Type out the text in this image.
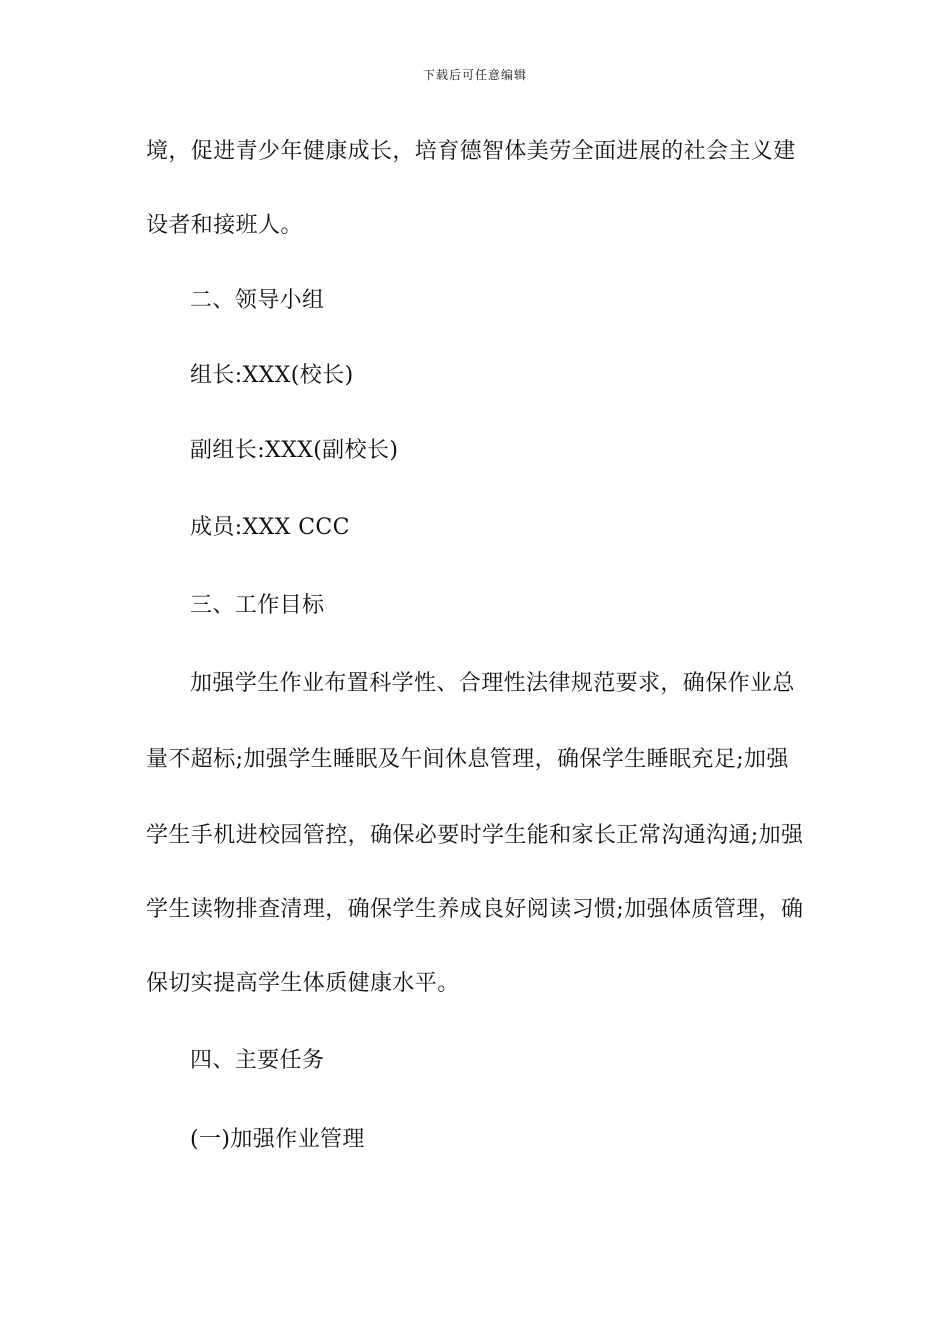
下载后可任意编辑
境，促进青少年健康成长，培育德智体美劳全面进展的社会主义建
设者和接班人。
二、领导小组
组长:XXX(校长)
副组长:XXX(副校长)
成员:XXX CCC
三、工作目标
加强学生作业布置科学性、合理性法律规范要求，确保作业总
量不超标;加强学生睡眠及午间休息管理，确保学生睡眠充足;加强
学生手机进校园管控，确保必要时学生能和家长正常沟通沟通;加强
学生读物排查清理，确保学生养成良好阅读习惯;加强体质管理，确
保切实提高学生体质健康水平。
四、主要任务
(一)加强作业管理
